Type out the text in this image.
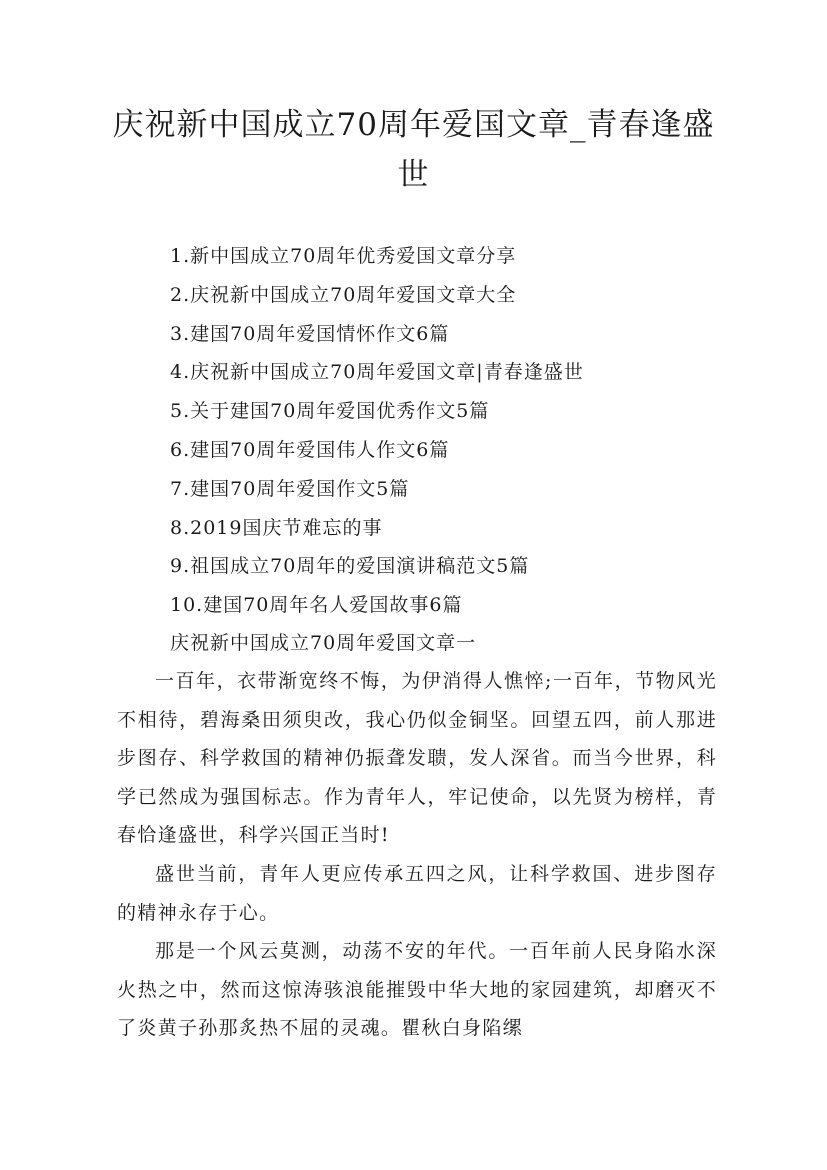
庆祝新中国成立70周年爱国文章_青春逢盛世
1.新中国成立70周年优秀爱国文章分享
2.庆祝新中国成立70周年爱国文章大全
3.建国70周年爱国情怀作文6篇
4.庆祝新中国成立70周年爱国文章|青春逢盛世
5.关于建国70周年爱国优秀作文5篇
6.建国70周年爱国伟人作文6篇
7.建国70周年爱国作文5篇
8.2019国庆节难忘的事
9.祖国成立70周年的爱国演讲稿范文5篇
10.建国70周年名人爱国故事6篇
庆祝新中国成立70周年爱国文章一

一百年，衣带渐宽终不悔，为伊消得人憔悴;一百年，节物风光不相待，碧海桑田须臾改，我心仍似金铜坚。回望五四，前人那进步图存、科学救国的精神仍振聋发聩，发人深省。而当今世界，科学已然成为强国标志。作为青年人，牢记使命，以先贤为榜样，青春恰逢盛世，科学兴国正当时!

盛世当前，青年人更应传承五四之风，让科学救国、进步图存的精神永存于心。

那是一个风云莫测，动荡不安的年代。一百年前人民身陷水深火热之中，然而这惊涛骇浪能摧毁中华大地的家园建筑，却磨灭不了炎黄子孙那炙热不屈的灵魂。瞿秋白身陷缧
